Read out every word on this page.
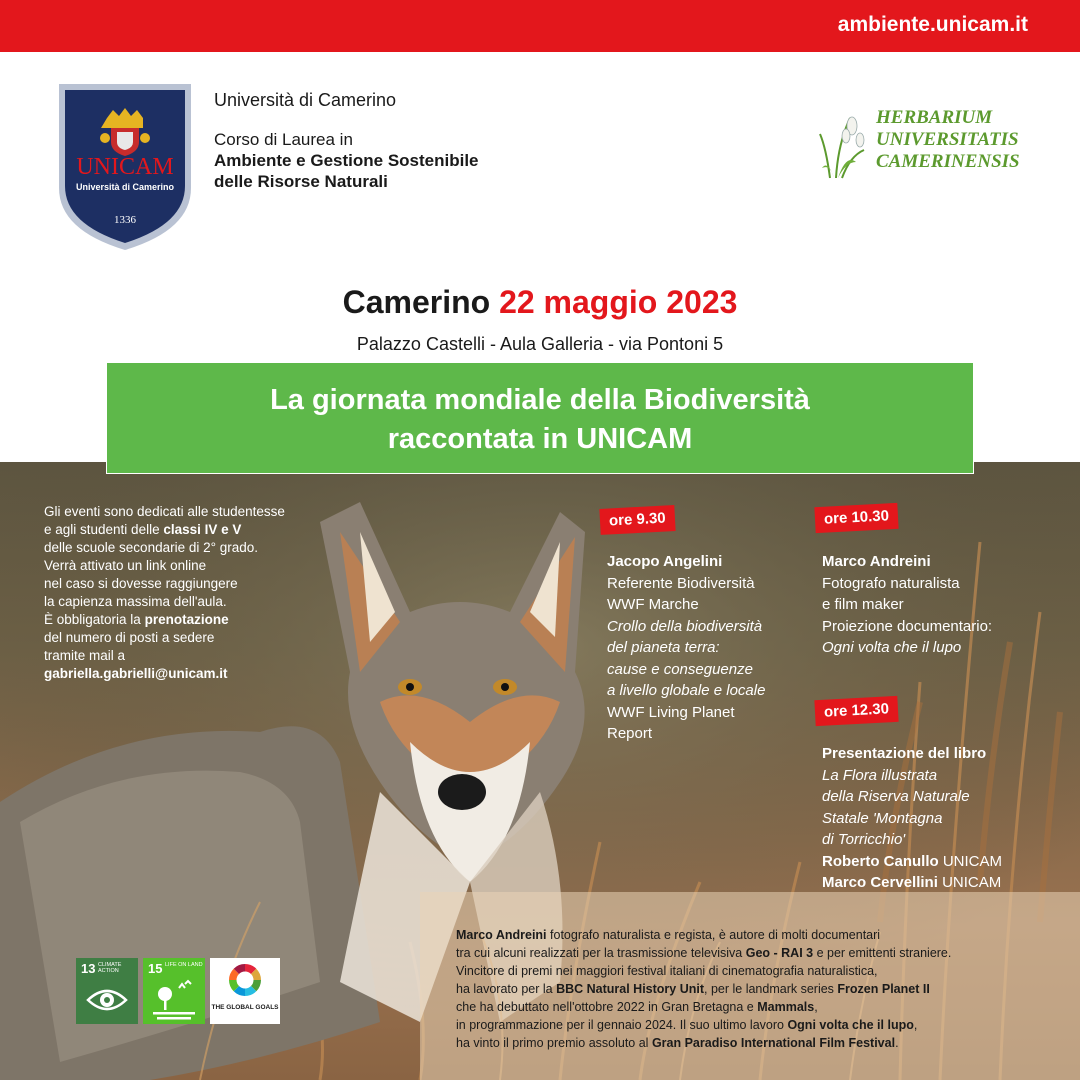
ambiente.unicam.it
UNICAM
Università di Camerino
1336
Università di Camerino
Corso di Laurea in
Ambiente e Gestione Sostenibile
delle Risorse Naturali
HERBARIUM
UNIVERSITATIS
CAMERINENSIS
Camerino 22 maggio 2023
Palazzo Castelli - Aula Galleria - via Pontoni 5
La giornata mondiale della Biodiversità
raccontata in UNICAM
Gli eventi sono dedicati alle studentesse
e agli studenti delle classi IV e V
delle scuole secondarie di 2° grado.
Verrà attivato un link online
nel caso si dovesse raggiungere
la capienza massima dell'aula.
È obbligatoria la prenotazione
del numero di posti a sedere
tramite mail a
gabriella.gabrielli@unicam.it
ore 9.30	ore 10.30
ore 12.30
Jacopo Angelini
Referente Biodiversità
WWF Marche
Crollo della biodiversità
del pianeta terra:
cause e conseguenze
a livello globale e locale
WWF Living Planet
Report
Marco Andreini
Fotografo naturalista
e film maker
Proiezione documentario:
Ogni volta che il lupo
Presentazione del libro
La Flora illustrata
della Riserva Naturale
Statale 'Montagna
di Torricchio'
Roberto Canullo UNICAM
Marco Cervellini UNICAM
13 CLIMATE ACTION	15 LIFE ON LAND
THE GLOBAL GOALS
Marco Andreini fotografo naturalista e regista, è autore di molti documentari
tra cui alcuni realizzati per la trasmissione televisiva Geo - RAI 3 e per emittenti straniere.
Vincitore di premi nei maggiori festival italiani di cinematografia naturalistica,
ha lavorato per la BBC Natural History Unit, per le landmark series Frozen Planet II
che ha debuttato nell'ottobre 2022 in Gran Bretagna e Mammals,
in programmazione per il gennaio 2024. Il suo ultimo lavoro Ogni volta che il lupo,
ha vinto il primo premio assoluto al Gran Paradiso International Film Festival.
